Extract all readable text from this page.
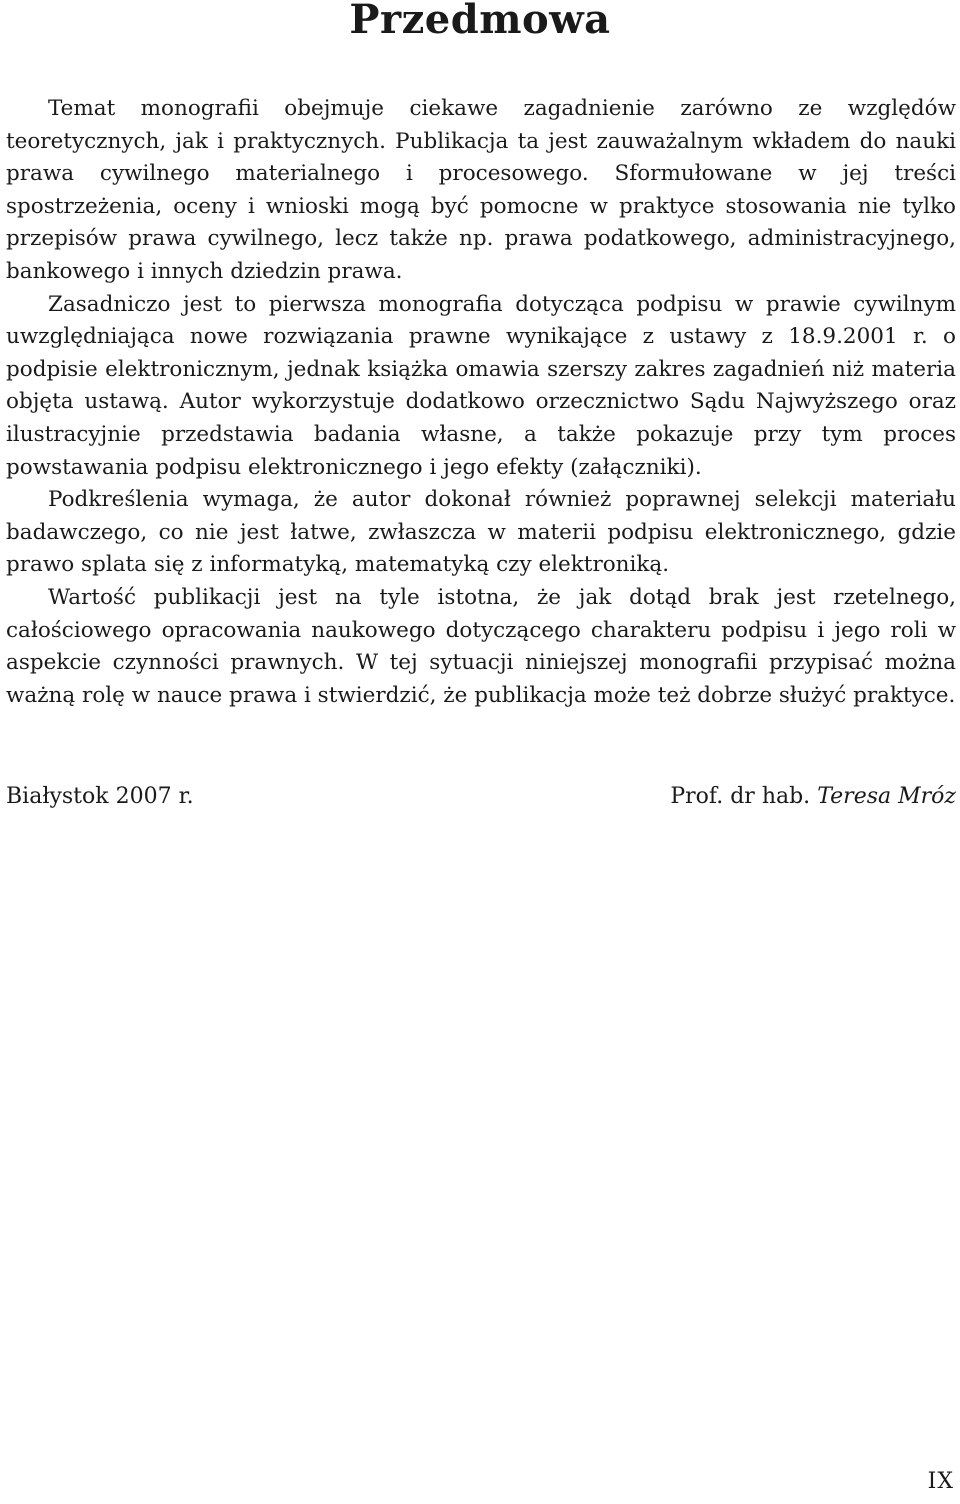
Przedmowa

Temat monografii obejmuje ciekawe zagadnienie zarówno ze względów teoretycznych, jak i praktycznych. Publikacja ta jest zauważalnym wkładem do nauki prawa cywilnego materialnego i procesowego. Sformułowane w jej treści spostrzeżenia, oceny i wnioski mogą być pomocne w praktyce stosowania nie tylko przepisów prawa cywilnego, lecz także np. prawa podatkowego, administracyjnego, bankowego i innych dziedzin prawa.

Zasadniczo jest to pierwsza monografia dotycząca podpisu w prawie cywilnym uwzględniająca nowe rozwiązania prawne wynikające z ustawy z 18.9.2001 r. o podpisie elektronicznym, jednak książka omawia szerszy zakres zagadnień niż materia objęta ustawą. Autor wykorzystuje dodatkowo orzecznictwo Sądu Najwyższego oraz ilustracyjnie przedstawia badania własne, a także pokazuje przy tym proces powstawania podpisu elektronicznego i jego efekty (załączniki).

Podkreślenia wymaga, że autor dokonał również poprawnej selekcji materiału badawczego, co nie jest łatwe, zwłaszcza w materii podpisu elektronicznego, gdzie prawo splata się z informatyką, matematyką czy elektroniką.

Wartość publikacji jest na tyle istotna, że jak dotąd brak jest rzetelnego, całościowego opracowania naukowego dotyczącego charakteru podpisu i jego roli w aspekcie czynności prawnych. W tej sytuacji niniejszej monografii przypisać można ważną rolę w nauce prawa i stwierdzić, że publikacja może też dobrze służyć praktyce.

Białystok 2007 r.	Prof. dr hab. Teresa Mróz
IX
